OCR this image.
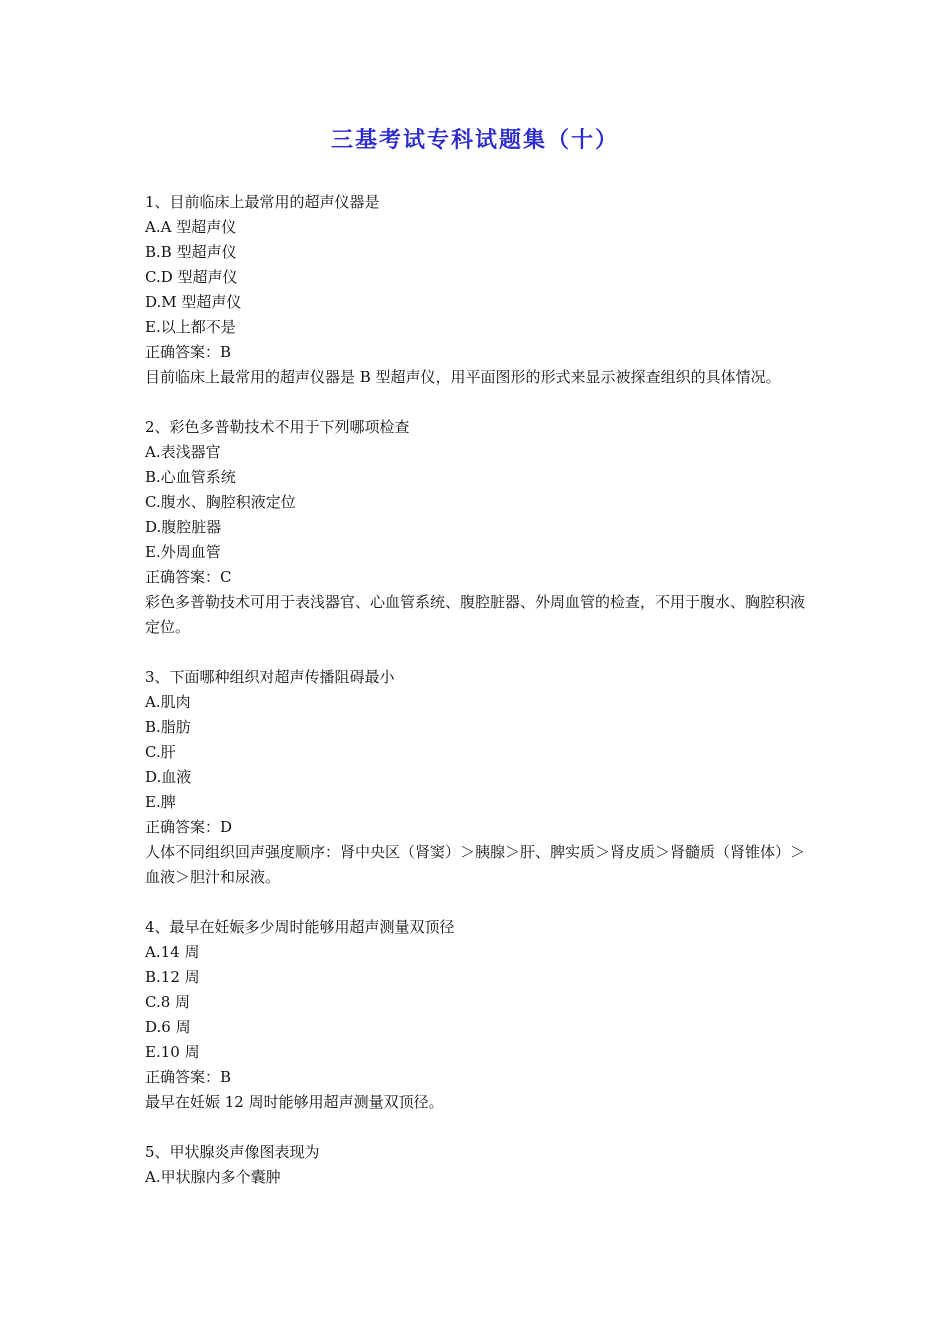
三基考试专科试题集（十）
1、目前临床上最常用的超声仪器是
A.A 型超声仪
B.B 型超声仪
C.D 型超声仪
D.M 型超声仪
E.以上都不是
正确答案：B
目前临床上最常用的超声仪器是 B 型超声仪，用平面图形的形式来显示被探查组织的具体情况。
2、彩色多普勒技术不用于下列哪项检查
A.表浅器官
B.心血管系统
C.腹水、胸腔积液定位
D.腹腔脏器
E.外周血管
正确答案：C
彩色多普勒技术可用于表浅器官、心血管系统、腹腔脏器、外周血管的检查，不用于腹水、胸腔积液定位。
3、下面哪种组织对超声传播阻碍最小
A.肌肉
B.脂肪
C.肝
D.血液
E.脾
正确答案：D
人体不同组织回声强度顺序：肾中央区（肾窦）＞胰腺＞肝、脾实质＞肾皮质＞肾髓质（肾锥体）＞血液＞胆汁和尿液。
4、最早在妊娠多少周时能够用超声测量双顶径
A.14 周
B.12 周
C.8 周
D.6 周
E.10 周
正确答案：B
最早在妊娠 12 周时能够用超声测量双顶径。
5、甲状腺炎声像图表现为
A.甲状腺内多个囊肿
